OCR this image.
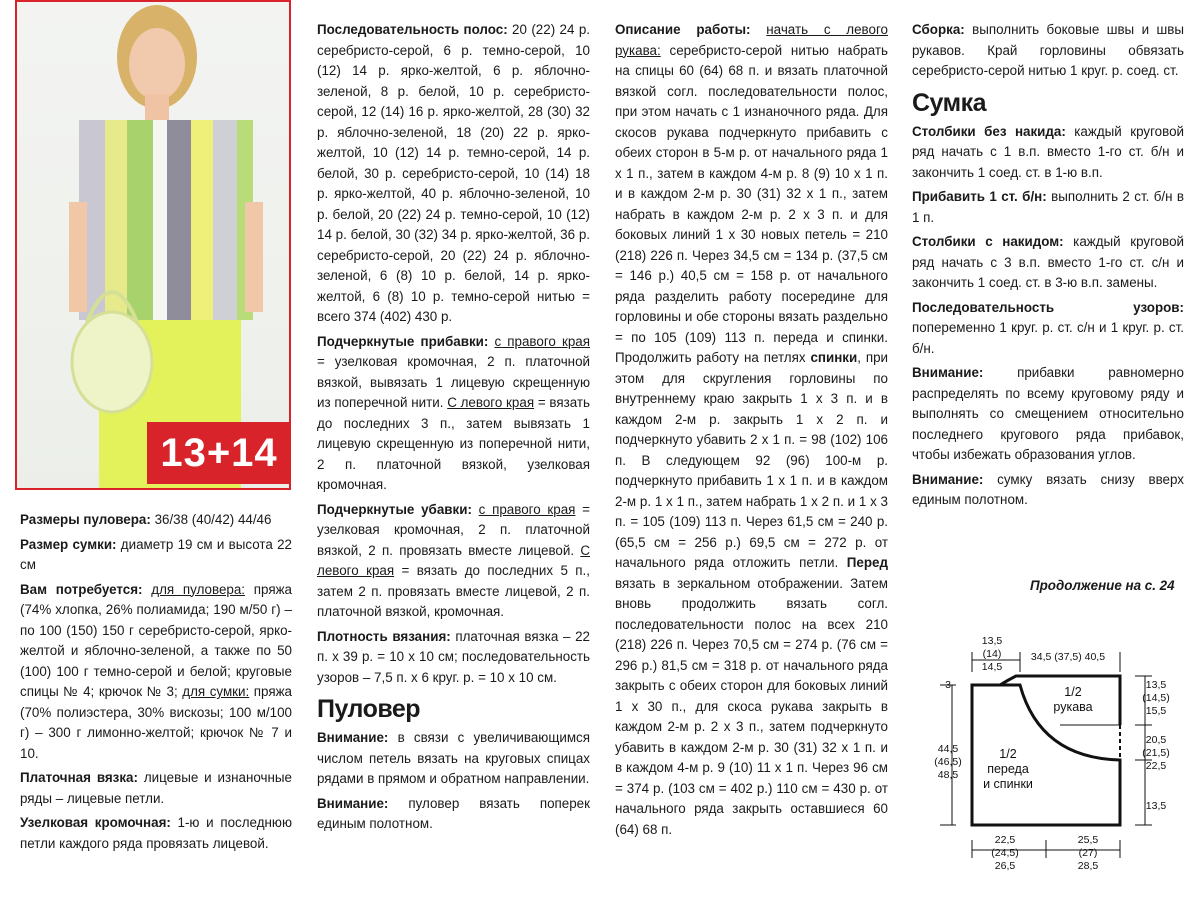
13+14

Размеры пуловера: 36/38 (40/42) 44/46

Размер сумки: диаметр 19 см и высота 22 см

Вам потребуется: для пуловера: пряжа (74% хлопка, 26% полиамида; 190 м/50 г) – по 100 (150) 150 г серебристо-серой, ярко-желтой и яблочно-зеленой, а также по 50 (100) 100 г темно-серой и белой; круговые спицы № 4; крючок № 3; для сумки: пряжа (70% полиэстера, 30% вискозы; 100 м/100 г) – 300 г лимонно-желтой; крючок № 7 и 10.

Платочная вязка: лицевые и изнаночные ряды – лицевые петли.

Узелковая кромочная: 1-ю и последнюю петли каждого ряда провязать лицевой.

Последовательность полос: 20 (22) 24 р. серебристо-серой, 6 р. темно-серой, 10 (12) 14 р. ярко-желтой, 6 р. яблочно-зеленой, 8 р. белой, 10 р. серебристо-серой, 12 (14) 16 р. ярко-желтой, 28 (30) 32 р. яблочно-зеленой, 18 (20) 22 р. ярко-желтой, 10 (12) 14 р. темно-серой, 14 р. белой, 30 р. серебристо-серой, 10 (14) 18 р. ярко-желтой, 40 р. яблочно-зеленой, 10 р. белой, 20 (22) 24 р. темно-серой, 10 (12) 14 р. белой, 30 (32) 34 р. ярко-желтой, 36 р. серебристо-серой, 20 (22) 24 р. яблочно-зеленой, 6 (8) 10 р. белой, 14 р. ярко-желтой, 6 (8) 10 р. темно-серой нитью = всего 374 (402) 430 р.

Подчеркнутые прибавки: с правого края = узелковая кромочная, 2 п. платочной вязкой, вывязать 1 лицевую скрещенную из поперечной нити. С левого края = вязать до последних 3 п., затем вывязать 1 лицевую скрещенную из поперечной нити, 2 п. платочной вязкой, узелковая кромочная.

Подчеркнутые убавки: с правого края = узелковая кромочная, 2 п. платочной вязкой, 2 п. провязать вместе лицевой. С левого края = вязать до последних 5 п., затем 2 п. провязать вместе лицевой, 2 п. платочной вязкой, кромочная.

Плотность вязания: платочная вязка – 22 п. х 39 р. = 10 х 10 см; последовательность узоров – 7,5 п. х 6 круг. р. = 10 х 10 см.

Пуловер

Внимание: в связи с увеличивающимся числом петель вязать на круговых спицах рядами в прямом и обратном направлении.

Внимание: пуловер вязать поперек единым полотном.

Описание работы: начать с левого рукава: серебристо-серой нитью набрать на спицы 60 (64) 68 п. и вязать платочной вязкой согл. последовательности полос, при этом начать с 1 изнаночного ряда. Для скосов рукава подчеркнуто прибавить с обеих сторон в 5-м р. от начального ряда 1 х 1 п., затем в каждом 4-м р. 8 (9) 10 х 1 п. и в каждом 2-м р. 30 (31) 32 х 1 п., затем набрать в каждом 2-м р. 2 х 3 п. и для боковых линий 1 х 30 новых петель = 210 (218) 226 п. Через 34,5 см = 134 р. (37,5 см = 146 р.) 40,5 см = 158 р. от начального ряда разделить работу посередине для горловины и обе стороны вязать раздельно = по 105 (109) 113 п. переда и спинки. Продолжить работу на петлях спинки, при этом для скругления горловины по внутреннему краю закрыть 1 х 3 п. и в каждом 2-м р. закрыть 1 х 2 п. и подчеркнуто убавить 2 х 1 п. = 98 (102) 106 п. В следующем 92 (96) 100-м р. подчеркнуто прибавить 1 х 1 п. и в каждом 2-м р. 1 х 1 п., затем набрать 1 х 2 п. и 1 х 3 п. = 105 (109) 113 п. Через 61,5 см = 240 р. (65,5 см = 256 р.) 69,5 см = 272 р. от начального ряда отложить петли. Перед вязать в зеркальном отображении. Затем вновь продолжить вязать согл. последовательности полос на всех 210 (218) 226 п. Через 70,5 см = 274 р. (76 см = 296 р.) 81,5 см = 318 р. от начального ряда закрыть с обеих сторон для боковых линий 1 х 30 п., для скоса рукава закрыть в каждом 2-м р. 2 х 3 п., затем подчеркнуто убавить в каждом 2-м р. 30 (31) 32 х 1 п. и в каждом 4-м р. 9 (10) 11 х 1 п. Через 96 см = 374 р. (103 см = 402 р.) 110 см = 430 р. от начального ряда закрыть оставшиеся 60 (64) 68 п.

Сборка: выполнить боковые швы и швы рукавов. Край горловины обвязать серебристо-серой нитью 1 круг. р. соед. ст.

Сумка

Столбики без накида: каждый круговой ряд начать с 1 в.п. вместо 1-го ст. б/н и закончить 1 соед. ст. в 1-ю в.п.

Прибавить 1 ст. б/н: выполнить 2 ст. б/н в 1 п.

Столбики с накидом: каждый круговой ряд начать с 3 в.п. вместо 1-го ст. с/н и закончить 1 соед. ст. в 3-ю в.п. замены.

Последовательность узоров: попеременно 1 круг. р. ст. с/н и 1 круг. р. ст. б/н.

Внимание: прибавки равномерно распределять по всему круговому ряду и выполнять со смещением относительно последнего кругового ряда прибавок, чтобы избежать образования углов.

Внимание: сумку вязать снизу вверх единым полотном.

Продолжение на с. 24
13,5
(14)
14,5
34,5 (37,5) 40,5
3	13,5
(14,5)
15,5
20,5
(21,5)
22,5
13,5
44,5
(46,5)
48,5
22,5
(24,5)
26,5
25,5
(27)
28,5
1/2
рукава
1/2
переда
и спинки
